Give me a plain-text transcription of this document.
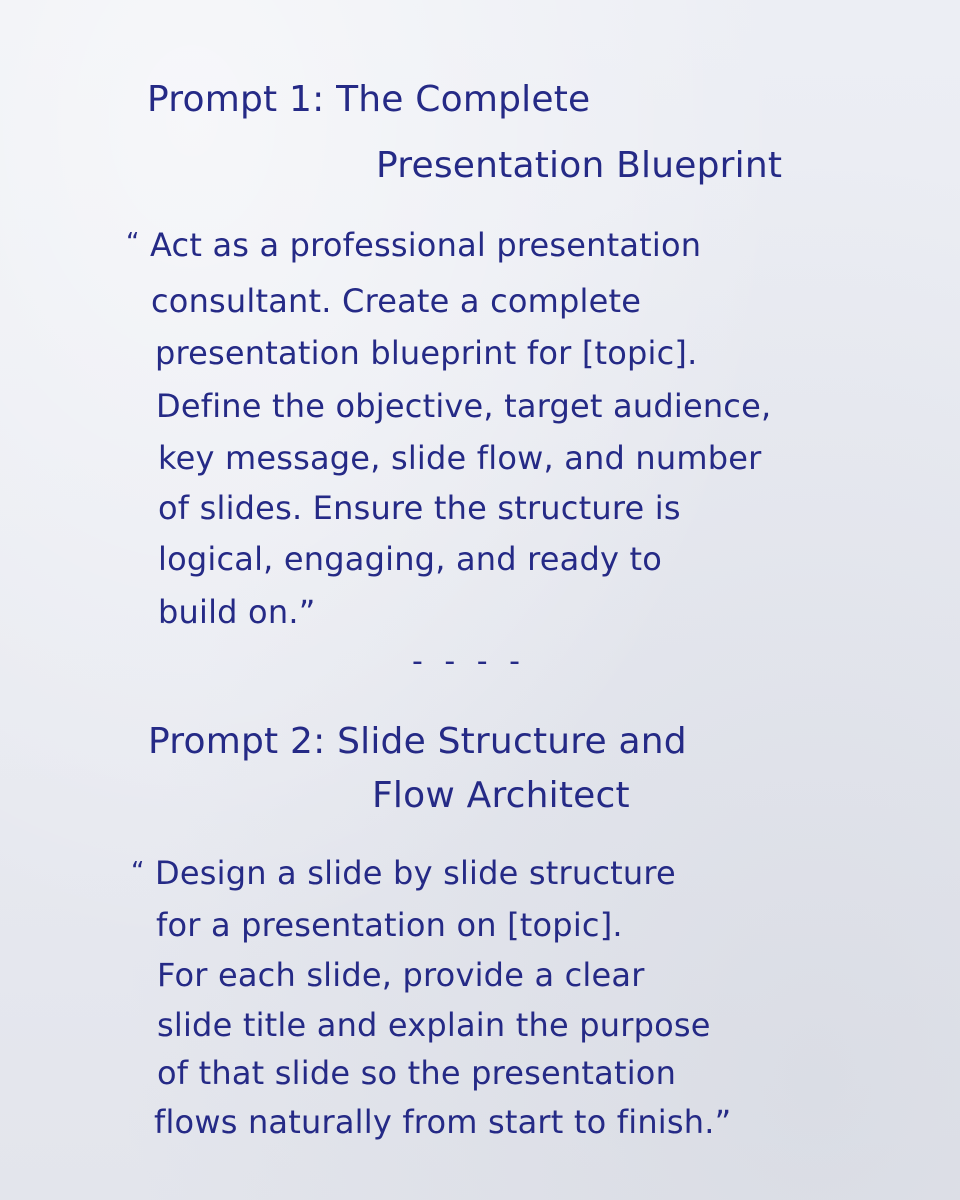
Prompt 1: The Complete
Presentation Blueprint
“ Act as a professional presentation

consultant. Create a complete

presentation blueprint for [topic].

Define the objective, target audience,

key message, slide flow, and number

of slides. Ensure the structure is

logical, engaging, and ready to

build on.”

- - - -
Prompt 2: Slide Structure and
Flow Architect
“ Design a slide by slide structure

for a presentation on [topic].

For each slide, provide a clear

slide title and explain the purpose

of that slide so the presentation

flows naturally from start to finish.”
